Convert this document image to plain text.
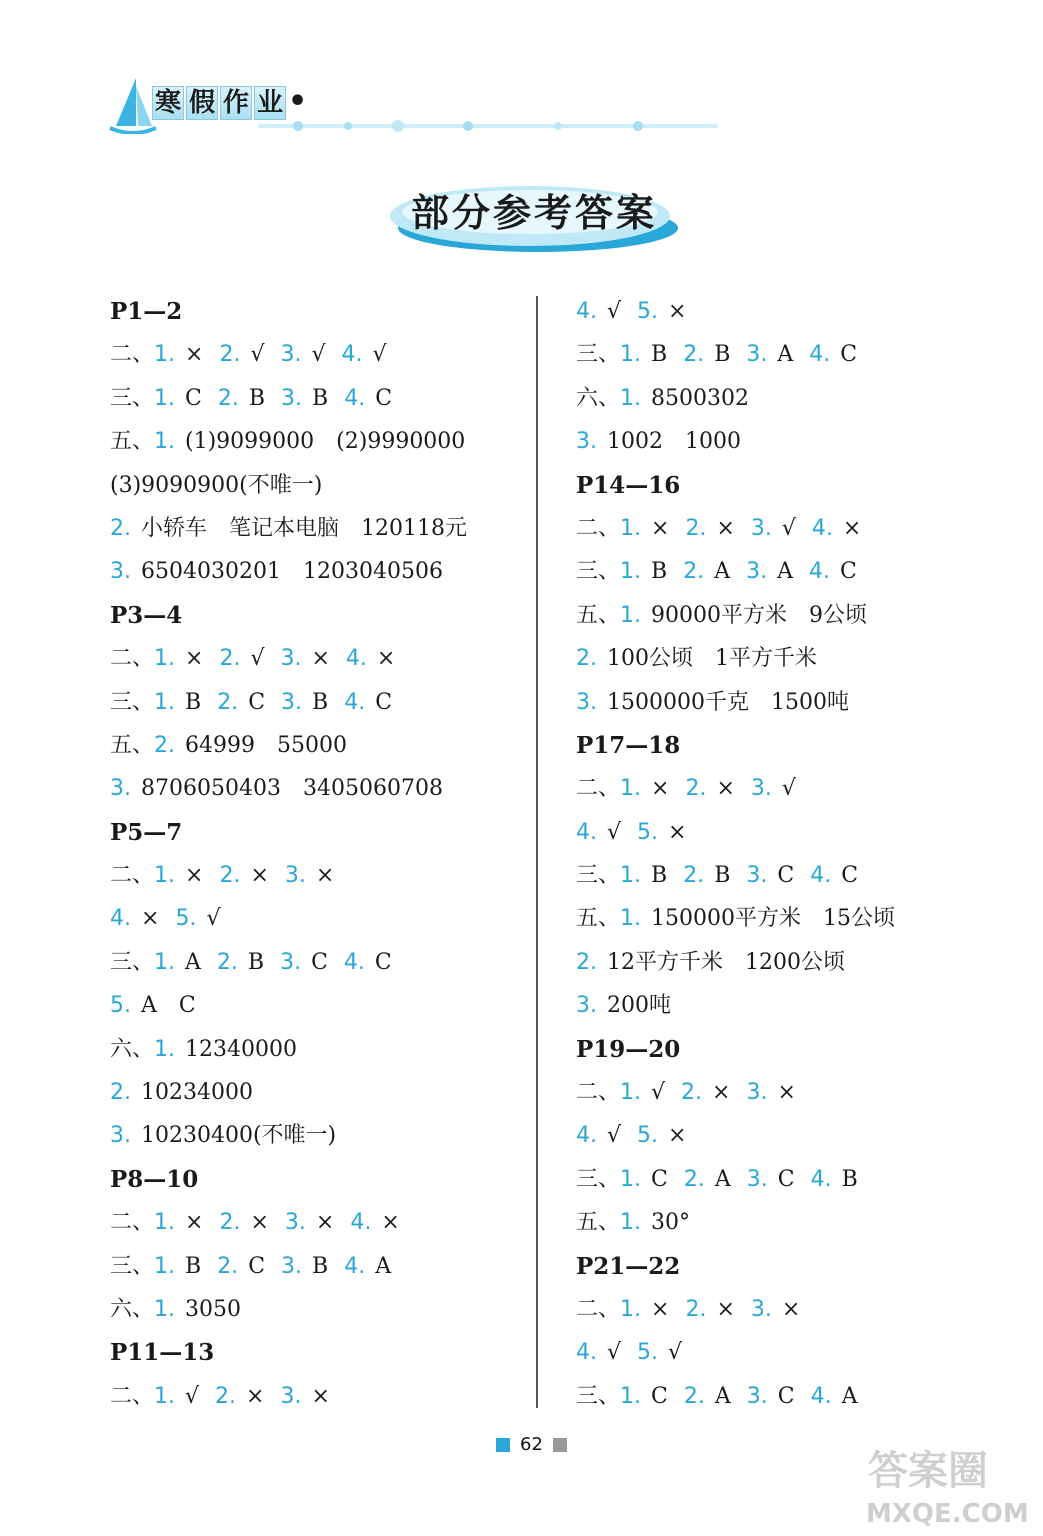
寒 假 作 业 •
部分参考答案
P1—2
二、 1. × 2. √ 3. √ 4. √
三、 1. C 2. B 3. B 4. C
五、 1. (1)9099000　(2)9990000
(3)9090900(不唯一)
2. 小轿车　笔记本电脑　120118元
3. 6504030201　1203040506
P3—4
二、 1. × 2. √ 3. × 4. ×
三、 1. B 2. C 3. B 4. C
五、 2. 64999　55000
3. 8706050403　3405060708
P5—7
二、 1. × 2. × 3. ×
4. × 5. √
三、 1. A 2. B 3. C 4. C
5. A　C
六、 1. 12340000
2. 10234000
3. 10230400(不唯一)
P8—10
二、 1. × 2. × 3. × 4. ×
三、 1. B 2. C 3. B 4. A
六、 1. 3050
P11—13
二、 1. √ 2. × 3. ×
4. √ 5. ×
三、 1. B 2. B 3. A 4. C
六、 1. 8500302
3. 1002　1000
P14—16
二、 1. × 2. × 3. √ 4. ×
三、 1. B 2. A 3. A 4. C
五、 1. 90000平方米　9公顷
2. 100公顷　1平方千米
3. 1500000千克　1500吨
P17—18
二、 1. × 2. × 3. √
4. √ 5. ×
三、 1. B 2. B 3. C 4. C
五、 1. 150000平方米　15公顷
2. 12平方千米　1200公顷
3. 200吨
P19—20
二、 1. √ 2. × 3. ×
4. √ 5. ×
三、 1. C 2. A 3. C 4. B
五、 1. 30°
P21—22
二、 1. × 2. × 3. ×
4. √ 5. √
三、 1. C 2. A 3. C 4. A
62
答案圈
MXQE.COM
